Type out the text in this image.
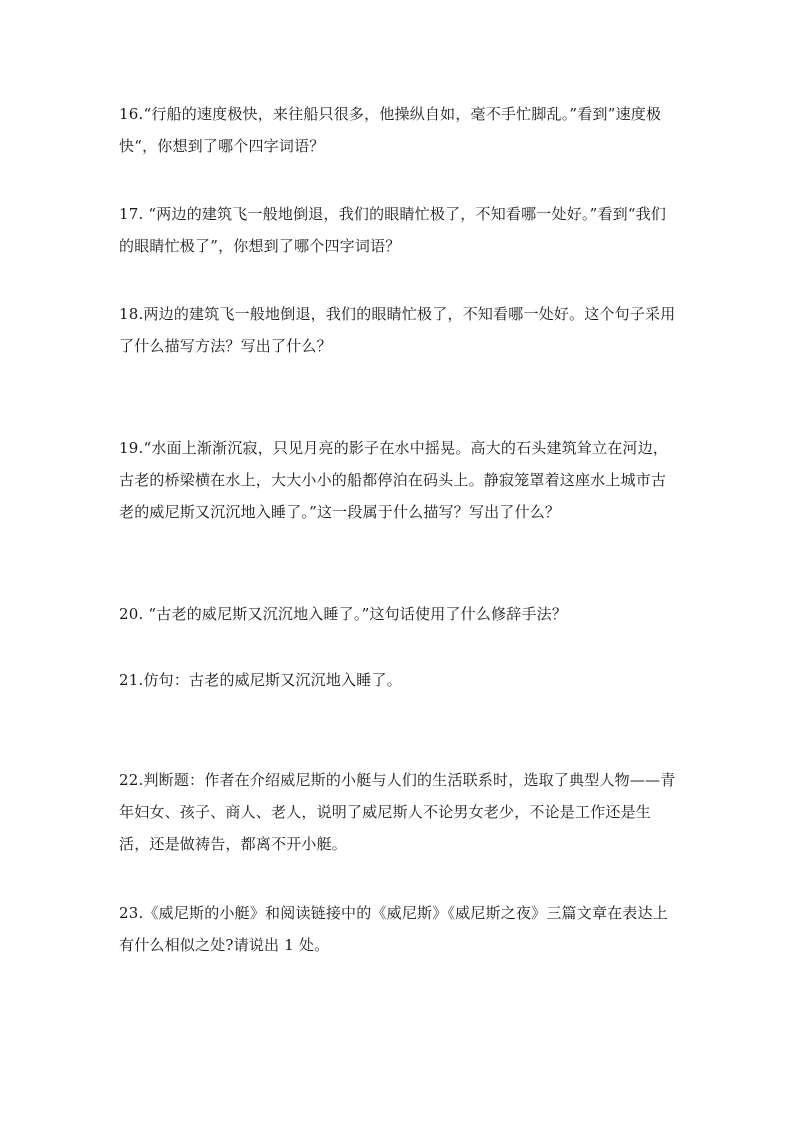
16.“行船的速度极快，来往船只很多，他操纵自如，毫不手忙脚乱。”看到”速度极快“，你想到了哪个四字词语？

17. “两边的建筑飞一般地倒退，我们的眼睛忙极了，不知看哪一处好。”看到“我们的眼睛忙极了”，你想到了哪个四字词语？

18.两边的建筑飞一般地倒退，我们的眼睛忙极了，不知看哪一处好。这个句子采用了什么描写方法？写出了什么？

19.“水面上渐渐沉寂，只见月亮的影子在水中摇晃。高大的石头建筑耸立在河边，古老的桥梁横在水上，大大小小的船都停泊在码头上。静寂笼罩着这座水上城市古老的威尼斯又沉沉地入睡了。”这一段属于什么描写？写出了什么？

20. “古老的威尼斯又沉沉地入睡了。”这句话使用了什么修辞手法？

21.仿句：古老的威尼斯又沉沉地入睡了。

22.判断题：作者在介绍威尼斯的小艇与人们的生活联系时，选取了典型人物——青年妇女、孩子、商人、老人，说明了威尼斯人不论男女老少，不论是工作还是生活，还是做祷告，都离不开小艇。

23.《威尼斯的小艇》和阅读链接中的《威尼斯》《威尼斯之夜》三篇文章在表达上有什么相似之处?请说出 1 处。
